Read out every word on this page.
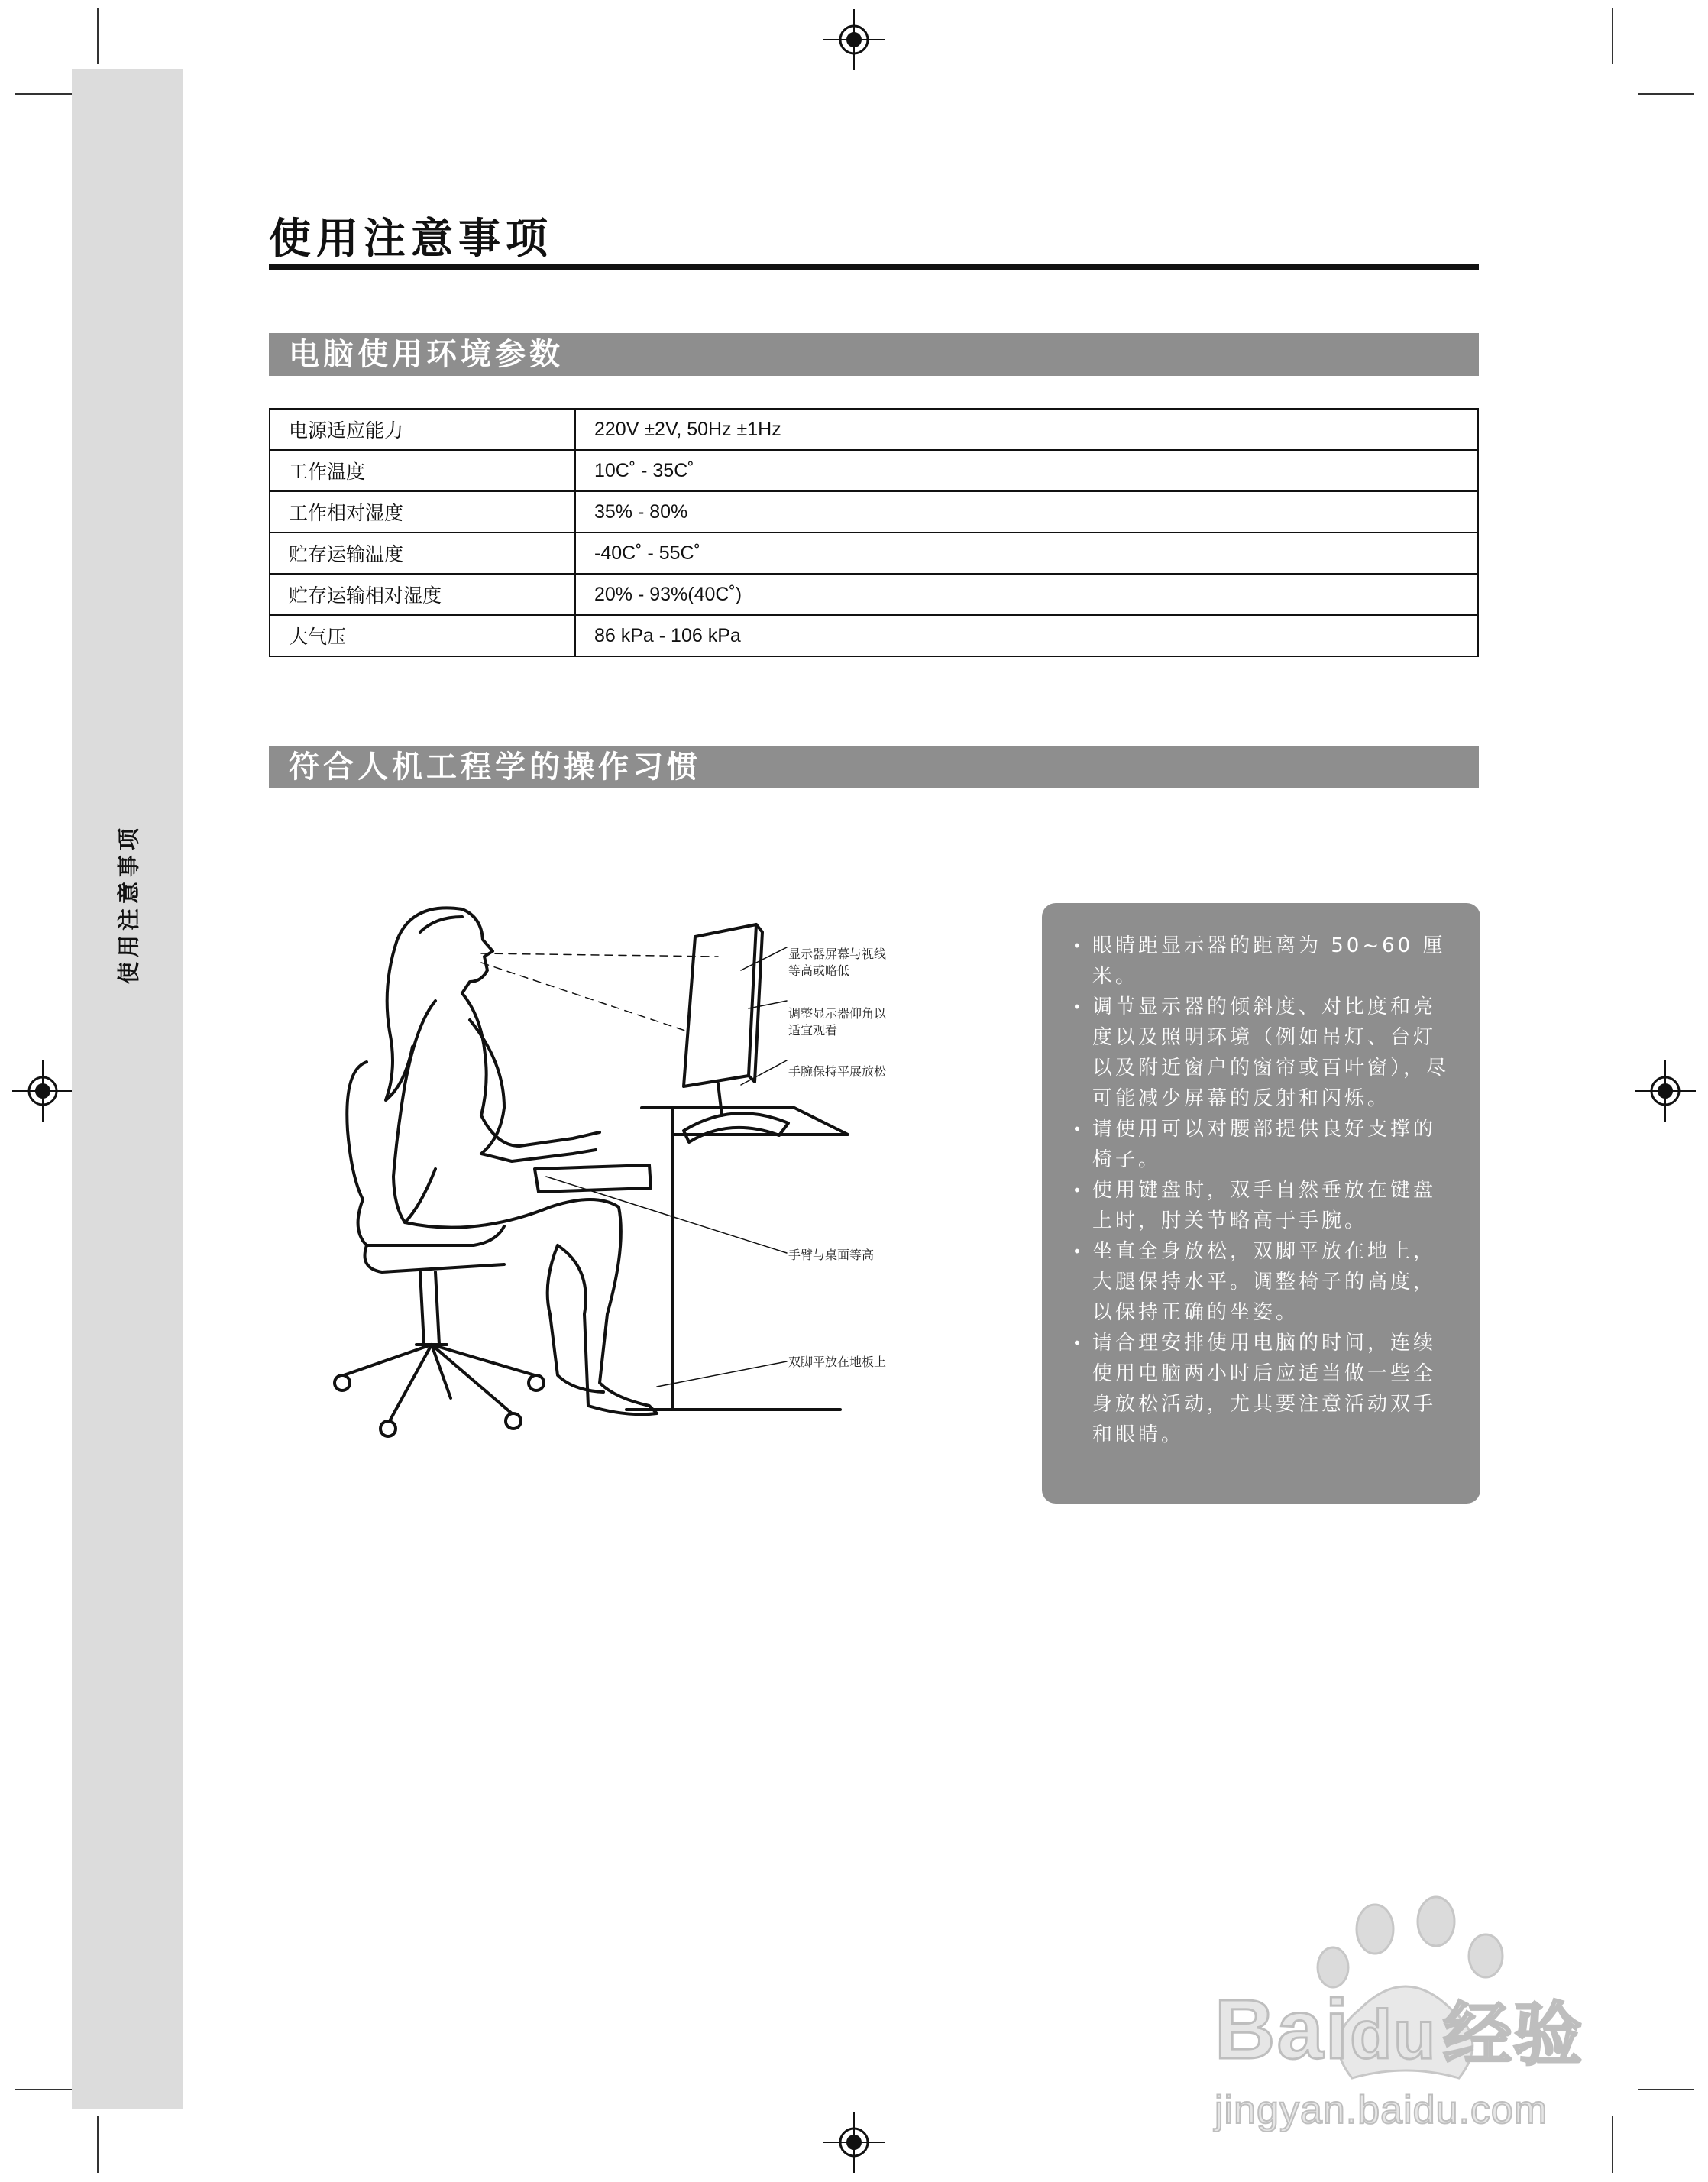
使用注意事项
使用注意事项
电脑使用环境参数
电源适应能力	220V ±2V, 50Hz ±1Hz
工作温度	10C˚ - 35C˚
工作相对湿度	35% - 80%
贮存运输温度	-40C˚ - 55C˚
贮存运输相对湿度	20% - 93%(40C˚)
大气压	86 kPa - 106 kPa
符合人机工程学的操作习惯
显示器屏幕与视线
等高或略低
调整显示器仰角以
适宜观看
手腕保持平展放松
手臂与桌面等高
双脚平放在地板上
• 眼睛距显示器的距离为 50~60 厘米。
• 调节显示器的倾斜度、对比度和亮度以及照明环境（例如吊灯、台灯以及附近窗户的窗帘或百叶窗），尽可能减少屏幕的反射和闪烁。
• 请使用可以对腰部提供良好支撑的椅子。
• 使用键盘时，双手自然垂放在键盘上时，肘关节略高于手腕。
• 坐直全身放松，双脚平放在地上，大腿保持水平。调整椅子的高度，以保持正确的坐姿。
• 请合理安排使用电脑的时间，连续使用电脑两小时后应适当做一些全身放松活动，尤其要注意活动双手和眼睛。
Baidu经验
jingyan.baidu.com
